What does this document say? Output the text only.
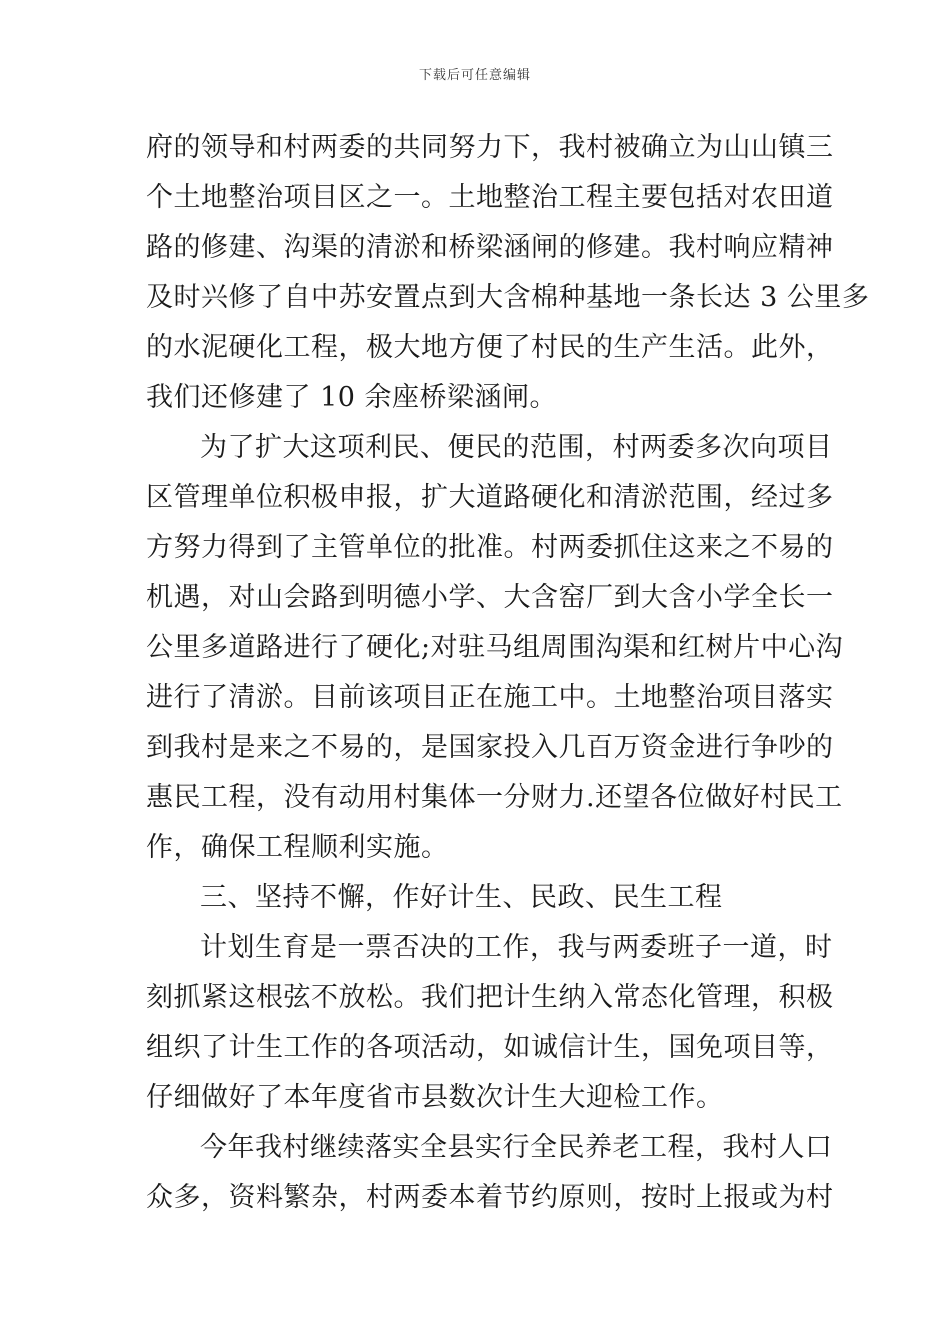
下载后可任意编辑
府的领导和村两委的共同努力下，我村被确立为山山镇三
个土地整治项目区之一。土地整治工程主要包括对农田道
路的修建、沟渠的清淤和桥梁涵闸的修建。我村响应精神
及时兴修了自中苏安置点到大含棉种基地一条长达 3 公里多
的水泥硬化工程，极大地方便了村民的生产生活。此外，
我们还修建了 10 余座桥梁涵闸。
为了扩大这项利民、便民的范围，村两委多次向项目
区管理单位积极申报，扩大道路硬化和清淤范围，经过多
方努力得到了主管单位的批准。村两委抓住这来之不易的
机遇，对山会路到明德小学、大含窑厂到大含小学全长一
公里多道路进行了硬化;对驻马组周围沟渠和红树片中心沟
进行了清淤。目前该项目正在施工中。土地整治项目落实
到我村是来之不易的，是国家投入几百万资金进行争吵的
惠民工程，没有动用村集体一分财力.还望各位做好村民工
作，确保工程顺利实施。
三、坚持不懈，作好计生、民政、民生工程
计划生育是一票否决的工作，我与两委班子一道，时
刻抓紧这根弦不放松。我们把计生纳入常态化管理，积极
组织了计生工作的各项活动，如诚信计生，国免项目等，
仔细做好了本年度省市县数次计生大迎检工作。
今年我村继续落实全县实行全民养老工程，我村人口
众多，资料繁杂，村两委本着节约原则，按时上报或为村
